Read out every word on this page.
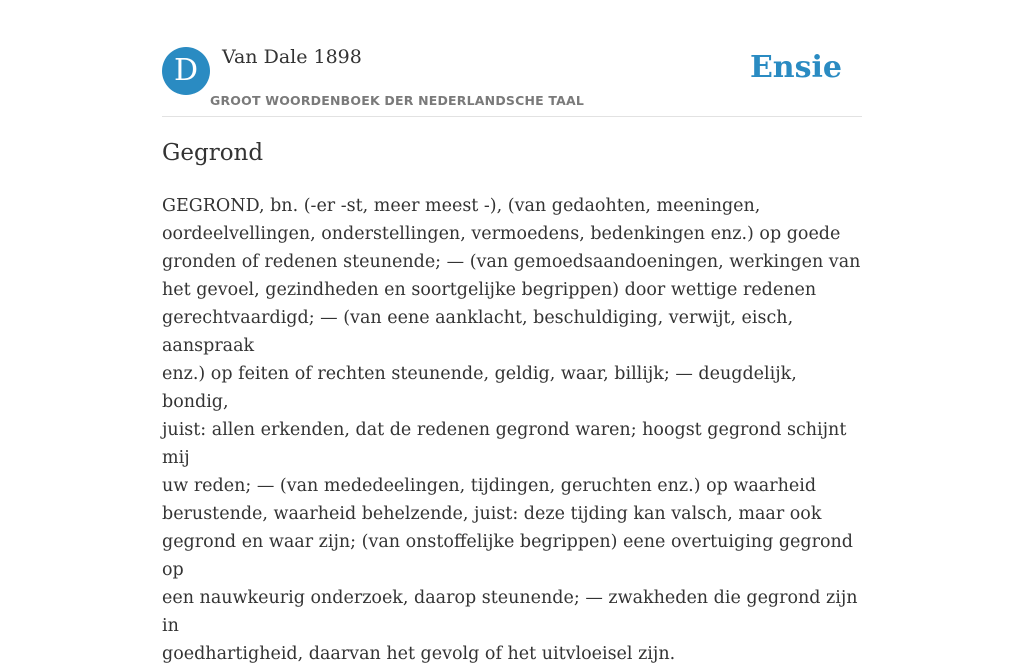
D	Van Dale 1898
GROOT WOORDENBOEK DER NEDERLANDSCHE TAAL
Ensie
Gegrond

GEGROND, bn. (-er -st, meer meest -), (van gedaohten, meeningen,
oordeelvellingen, onderstellingen, vermoedens, bedenkingen enz.) op goede
gronden of redenen steunende; — (van gemoedsaandoeningen, werkingen van
het gevoel, gezindheden en soortgelijke begrippen) door wettige redenen
gerechtvaardigd; — (van eene aanklacht, beschuldiging, verwijt, eisch, aanspraak
enz.) op feiten of rechten steunende, geldig, waar, billijk; — deugdelijk, bondig,
juist: allen erkenden, dat de redenen gegrond waren; hoogst gegrond schijnt mij
uw reden; — (van mededeelingen, tijdingen, geruchten enz.) op waarheid
berustende, waarheid behelzende, juist: deze tijding kan valsch, maar ook
gegrond en waar zijn; (van onstoffelijke begrippen) eene overtuiging gegrond op
een nauwkeurig onderzoek, daarop steunende; — zwakheden die gegrond zijn in
goedhartigheid, daarvan het gevolg of het uitvloeisel zijn.
